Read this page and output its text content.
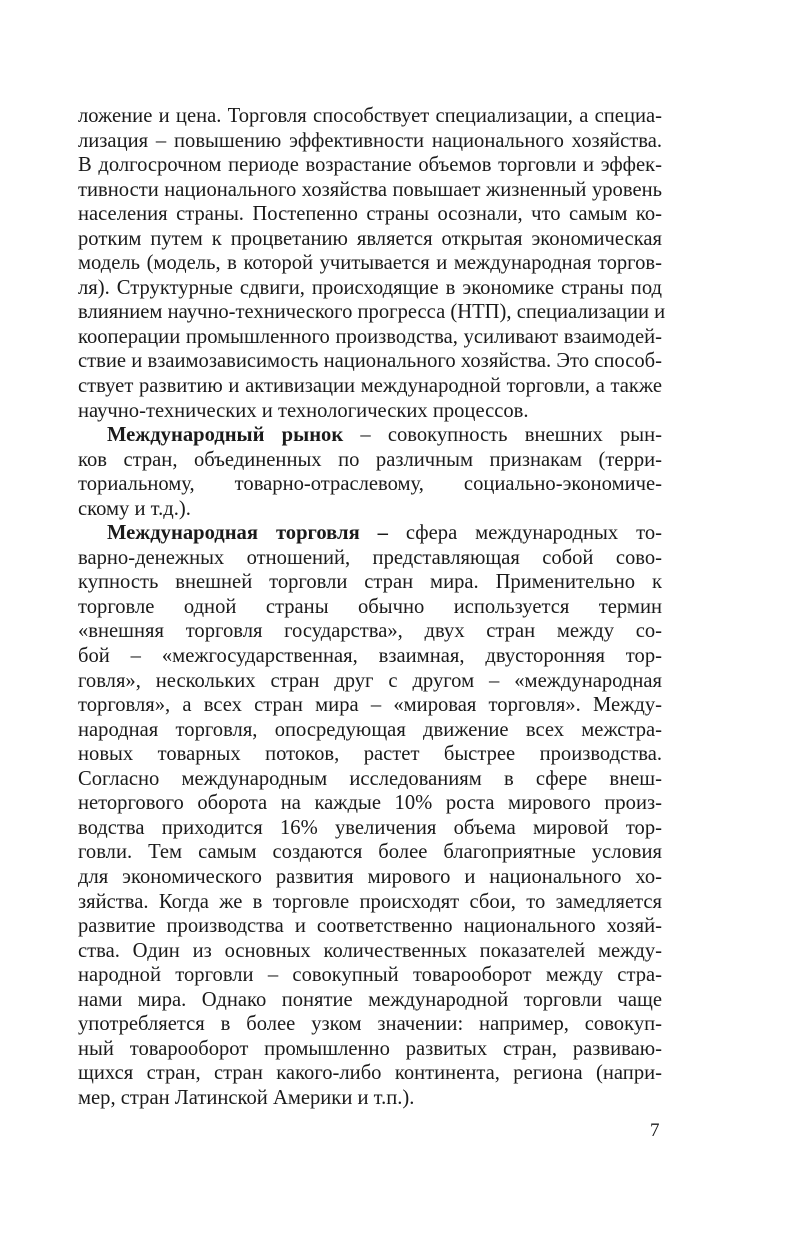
ложение и цена. Торговля способствует специализации, а специа-
лизация – повышению эффективности национального хозяйства.
В долгосрочном периоде возрастание объемов торговли и эффек-
тивности национального хозяйства повышает жизненный уровень
населения страны. Постепенно страны осознали, что самым ко-
ротким путем к процветанию является открытая экономическая
модель (модель, в которой учитывается и международная торгов-
ля). Структурные сдвиги, происходящие в экономике страны под
влиянием научно-технического прогресса (НТП), специализации и
кооперации промышленного производства, усиливают взаимодей-
ствие и взаимозависимость национального хозяйства. Это способ-
ствует развитию и активизации международной торговли, а также
научно-технических и технологических процессов.

Международный рынок – совокупность внешних рын-
ков стран, объединенных по различным признакам (терри-
ториальному, товарно-отраслевому, социально-экономиче-
скому и т.д.).

Международная торговля – сфера международных то-
варно-денежных отношений, представляющая собой сово-
купность внешней торговли стран мира. Применительно к
торговле одной страны обычно используется термин
«внешняя торговля государства», двух стран между со-
бой – «межгосударственная, взаимная, двусторонняя тор-
говля», нескольких стран друг с другом – «международная
торговля», а всех стран мира – «мировая торговля». Между-
народная торговля, опосредующая движение всех межстра-
новых товарных потоков, растет быстрее производства.
Согласно международным исследованиям в сфере внеш-
неторгового оборота на каждые 10% роста мирового произ-
водства приходится 16% увеличения объема мировой тор-
говли. Тем самым создаются более благоприятные условия
для экономического развития мирового и национального хо-
зяйства. Когда же в торговле происходят сбои, то замедляется
развитие производства и соответственно национального хозяй-
ства. Один из основных количественных показателей между-
народной торговли – совокупный товарооборот между стра-
нами мира. Однако понятие международной торговли чаще
употребляется в более узком значении: например, совокуп-
ный товарооборот промышленно развитых стран, развиваю-
щихся стран, стран какого-либо континента, региона (напри-
мер, стран Латинской Америки и т.п.).

7
